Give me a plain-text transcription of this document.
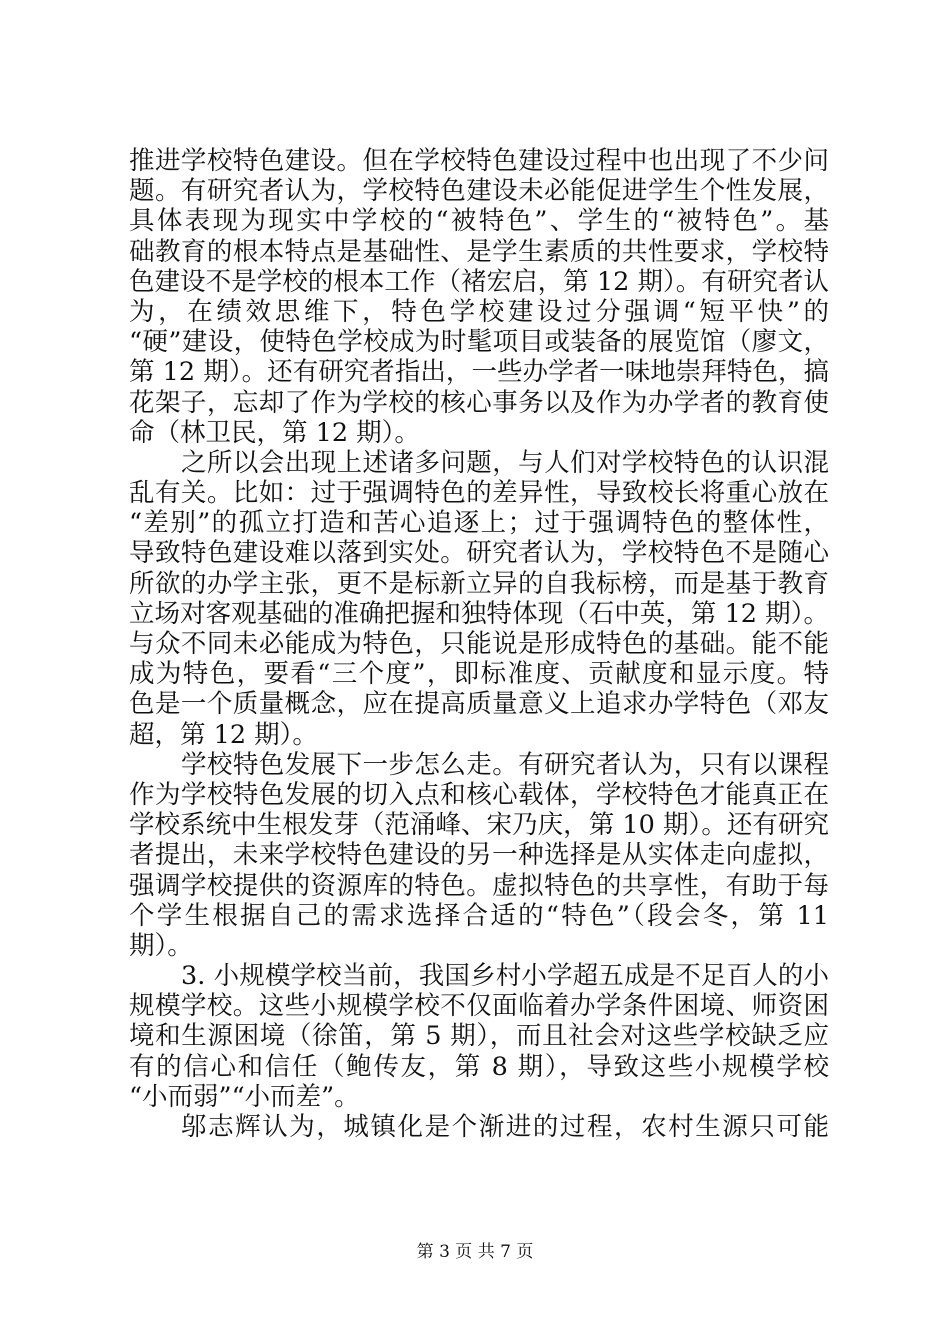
推进学校特色建设。但在学校特色建设过程中也出现了不少问
题。有研究者认为，学校特色建设未必能促进学生个性发展，
具体表现为现实中学校的“被特色”、学生的“被特色”。基
础教育的根本特点是基础性、是学生素质的共性要求，学校特
色建设不是学校的根本工作（褚宏启，第 12 期）。有研究者认
为，在绩效思维下，特色学校建设过分强调“短平快”的
“硬”建设，使特色学校成为时髦项目或装备的展览馆（廖文，
第 12 期）。还有研究者指出，一些办学者一味地崇拜特色，搞
花架子，忘却了作为学校的核心事务以及作为办学者的教育使
命（林卫民，第 12 期）。
之所以会出现上述诸多问题，与人们对学校特色的认识混
乱有关。比如：过于强调特色的差异性，导致校长将重心放在
“差别”的孤立打造和苦心追逐上；过于强调特色的整体性，
导致特色建设难以落到实处。研究者认为，学校特色不是随心
所欲的办学主张，更不是标新立异的自我标榜，而是基于教育
立场对客观基础的准确把握和独特体现（石中英，第 12 期）。
与众不同未必能成为特色，只能说是形成特色的基础。能不能
成为特色，要看“三个度”，即标准度、贡献度和显示度。特
色是一个质量概念，应在提高质量意义上追求办学特色（邓友
超，第 12 期）。
学校特色发展下一步怎么走。有研究者认为，只有以课程
作为学校特色发展的切入点和核心载体，学校特色才能真正在
学校系统中生根发芽（范涌峰、宋乃庆，第 10 期）。还有研究
者提出，未来学校特色建设的另一种选择是从实体走向虚拟，
强调学校提供的资源库的特色。虚拟特色的共享性，有助于每
个学生根据自己的需求选择合适的“特色”（段会冬，第 11
期）。
3. 小规模学校当前，我国乡村小学超五成是不足百人的小
规模学校。这些小规模学校不仅面临着办学条件困境、师资困
境和生源困境（徐笛，第 5 期），而且社会对这些学校缺乏应
有的信心和信任（鲍传友，第 8 期），导致这些小规模学校
“小而弱”“小而差”。
邬志辉认为，城镇化是个渐进的过程，农村生源只可能
第 3 页 共 7 页
